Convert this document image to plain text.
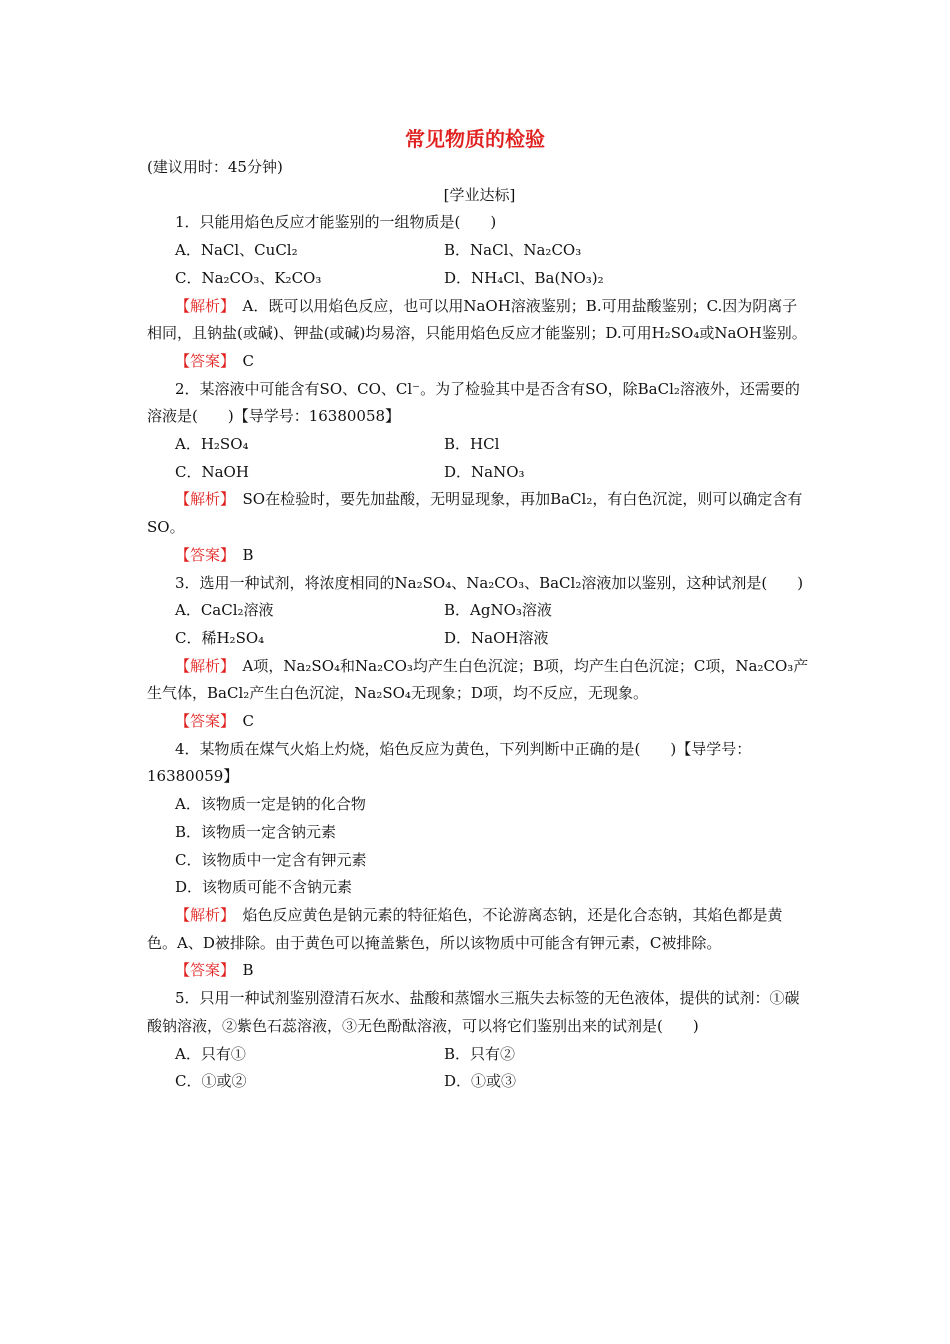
常见物质的检验
(建议用时：45分钟)
[学业达标]
1．只能用焰色反应才能鉴别的一组物质是(　　)
A．NaCl、CuCl₂	B．NaCl、Na₂CO₃
C．Na₂CO₃、K₂CO₃	D．NH₄Cl、Ba(NO₃)₂
【解析】　A．既可以用焰色反应，也可以用NaOH溶液鉴别；B.可用盐酸鉴别；C.因为阴离子相同，且钠盐(或碱)、钾盐(或碱)均易溶，只能用焰色反应才能鉴别；D.可用H₂SO₄或NaOH鉴别。
【答案】　C
2．某溶液中可能含有SO、CO、Cl⁻。为了检验其中是否含有SO，除BaCl₂溶液外，还需要的溶液是(　　)【导学号：16380058】
A．H₂SO₄	B．HCl
C．NaOH	D．NaNO₃
【解析】　SO在检验时，要先加盐酸，无明显现象，再加BaCl₂，有白色沉淀，则可以确定含有SO。
【答案】　B
3．选用一种试剂，将浓度相同的Na₂SO₄、Na₂CO₃、BaCl₂溶液加以鉴别，这种试剂是(　　)
A．CaCl₂溶液	B．AgNO₃溶液
C．稀H₂SO₄	D．NaOH溶液
【解析】　A项，Na₂SO₄和Na₂CO₃均产生白色沉淀；B项，均产生白色沉淀；C项，Na₂CO₃产生气体，BaCl₂产生白色沉淀，Na₂SO₄无现象；D项，均不反应，无现象。
【答案】　C
4．某物质在煤气火焰上灼烧，焰色反应为黄色，下列判断中正确的是(　　)【导学号：16380059】
A．该物质一定是钠的化合物
B．该物质一定含钠元素
C．该物质中一定含有钾元素
D．该物质可能不含钠元素
【解析】　焰色反应黄色是钠元素的特征焰色，不论游离态钠，还是化合态钠，其焰色都是黄色。A、D被排除。由于黄色可以掩盖紫色，所以该物质中可能含有钾元素，C被排除。
【答案】　B
5．只用一种试剂鉴别澄清石灰水、盐酸和蒸馏水三瓶失去标签的无色液体，提供的试剂：①碳酸钠溶液，②紫色石蕊溶液，③无色酚酞溶液，可以将它们鉴别出来的试剂是(　　)
A．只有①	B．只有②
C．①或②	D．①或③
